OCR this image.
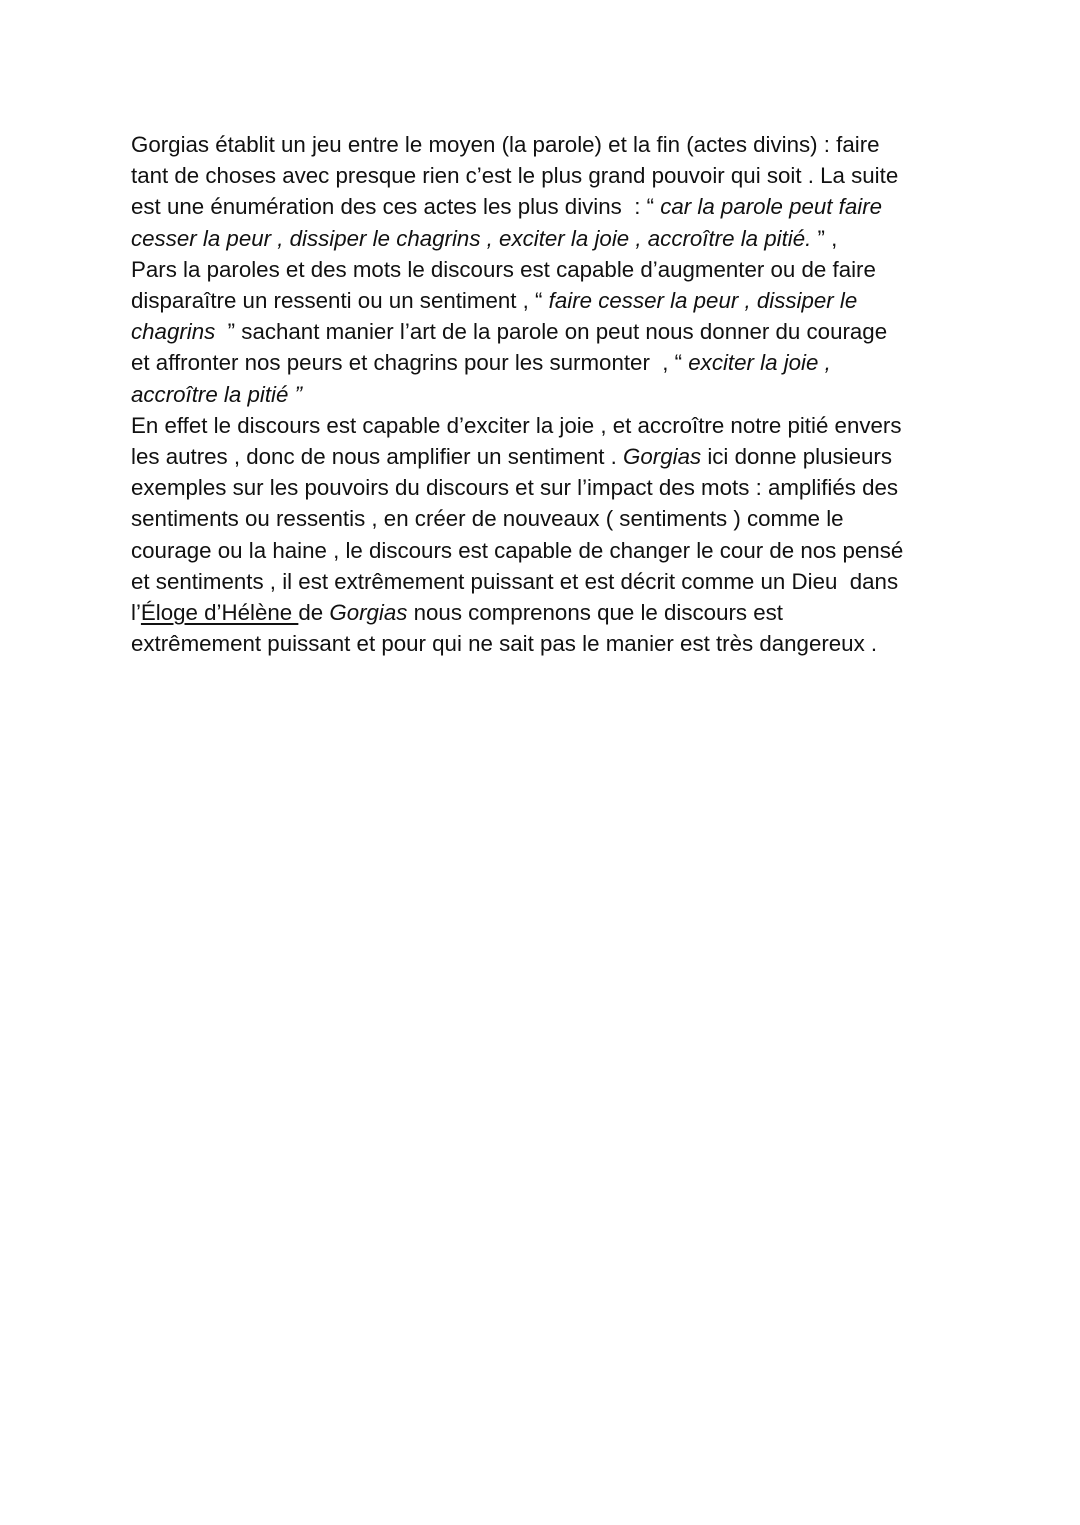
Gorgias établit un jeu entre le moyen (la parole) et la fin (actes divins) : faire
tant de choses avec presque rien c’est le plus grand pouvoir qui soit . La suite
est une énumération des ces actes les plus divins  : “ car la parole peut faire
cesser la peur , dissiper le chagrins , exciter la joie , accroître la pitié. ” ,
Pars la paroles et des mots le discours est capable d’augmenter ou de faire
disparaître un ressenti ou un sentiment , “ faire cesser la peur , dissiper le
chagrins  ” sachant manier l’art de la parole on peut nous donner du courage
et affronter nos peurs et chagrins pour les surmonter  , “ exciter la joie ,
accroître la pitié ”
En effet le discours est capable d’exciter la joie , et accroître notre pitié envers
les autres , donc de nous amplifier un sentiment . Gorgias ici donne plusieurs
exemples sur les pouvoirs du discours et sur l’impact des mots : amplifiés des
sentiments ou ressentis , en créer de nouveaux ( sentiments ) comme le
courage ou la haine , le discours est capable de changer le cour de nos pensé
et sentiments , il est extrêmement puissant et est décrit comme un Dieu  dans
l’Éloge d’Hélène de Gorgias nous comprenons que le discours est
extrêmement puissant et pour qui ne sait pas le manier est très dangereux .
